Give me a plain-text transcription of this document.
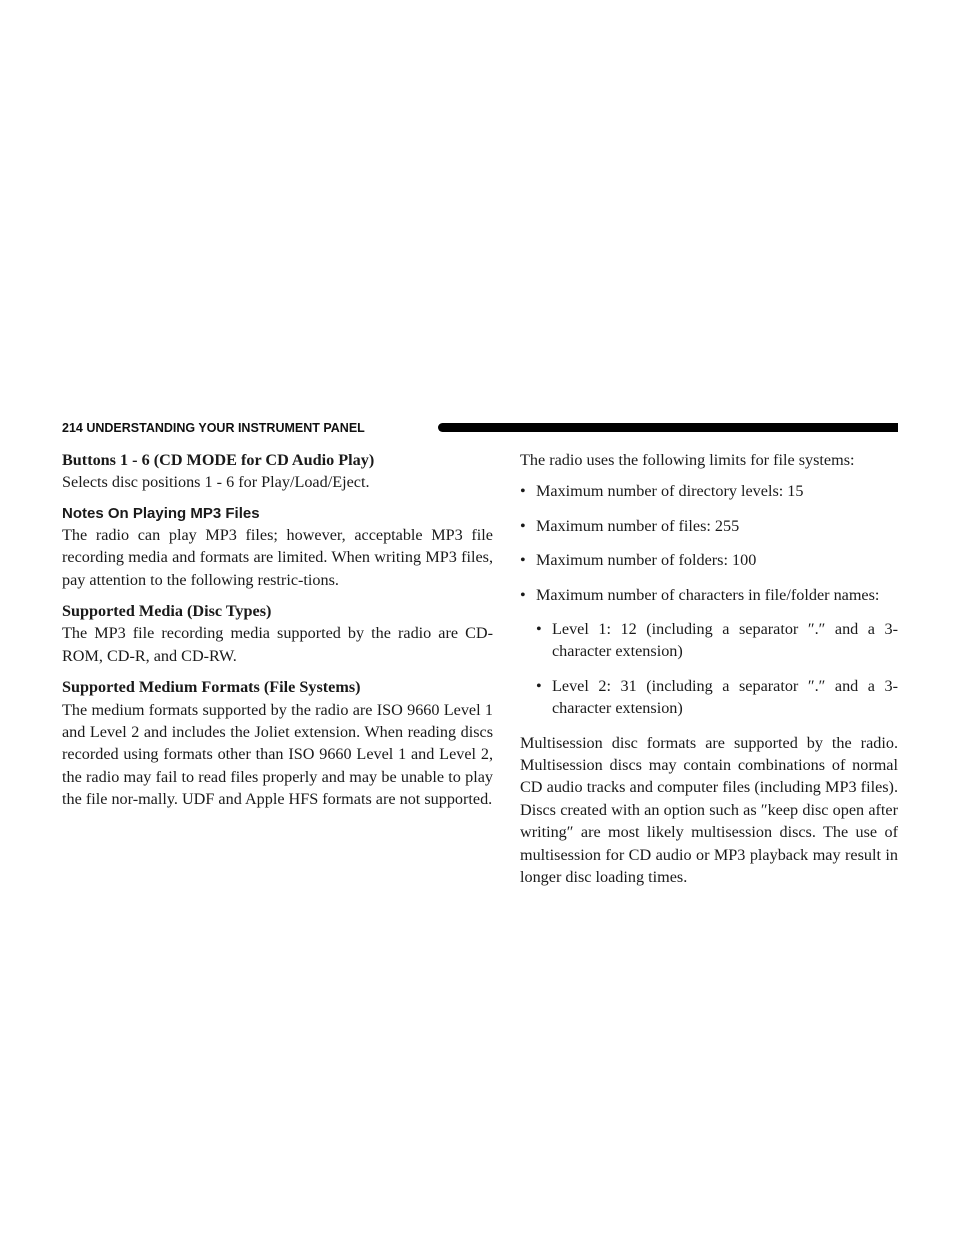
214 UNDERSTANDING YOUR INSTRUMENT PANEL
Buttons 1 - 6 (CD MODE for CD Audio Play)

Selects disc positions 1 - 6 for Play/Load/Eject.

Notes On Playing MP3 Files

The radio can play MP3 files; however, acceptable MP3 file recording media and formats are limited. When writing MP3 files, pay attention to the following restric-tions.

Supported Media (Disc Types)

The MP3 file recording media supported by the radio are CD-ROM, CD-R, and CD-RW.

Supported Medium Formats (File Systems)

The medium formats supported by the radio are ISO 9660 Level 1 and Level 2 and includes the Joliet extension. When reading discs recorded using formats other than ISO 9660 Level 1 and Level 2, the radio may fail to read files properly and may be unable to play the file nor-mally. UDF and Apple HFS formats are not supported.

The radio uses the following limits for file systems:

• Maximum number of directory levels: 15
• Maximum number of files: 255
• Maximum number of folders: 100
• Maximum number of characters in file/folder names:
• Level 1: 12 (including a separator ″.″ and a 3-character extension)
• Level 2: 31 (including a separator ″.″ and a 3-character extension)

Multisession disc formats are supported by the radio. Multisession discs may contain combinations of normal CD audio tracks and computer files (including MP3 files). Discs created with an option such as ″keep disc open after writing″ are most likely multisession discs. The use of multisession for CD audio or MP3 playback may result in longer disc loading times.
